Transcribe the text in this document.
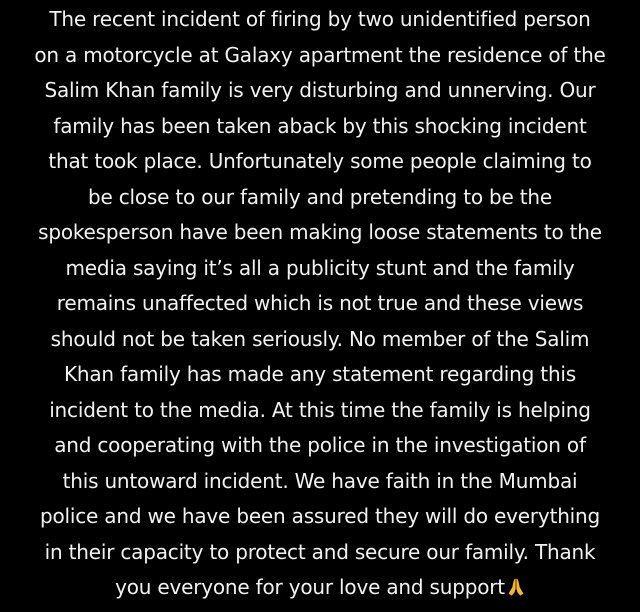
The recent incident of firing by two unidentified person
on a motorcycle at Galaxy apartment the residence of the
Salim Khan family is very disturbing and unnerving. Our
family has been taken aback by this shocking incident
that took place. Unfortunately some people claiming to
be close to our family and pretending to be the
spokesperson have been making loose statements to the
media saying it’s all a publicity stunt and the family
remains unaffected which is not true and these views
should not be taken seriously. No member of the Salim
Khan family has made any statement regarding this
incident to the media. At this time the family is helping
and cooperating with the police in the investigation of
this untoward incident. We have faith in the Mumbai
police and we have been assured they will do everything
in their capacity to protect and secure our family. Thank
you everyone for your love and support
